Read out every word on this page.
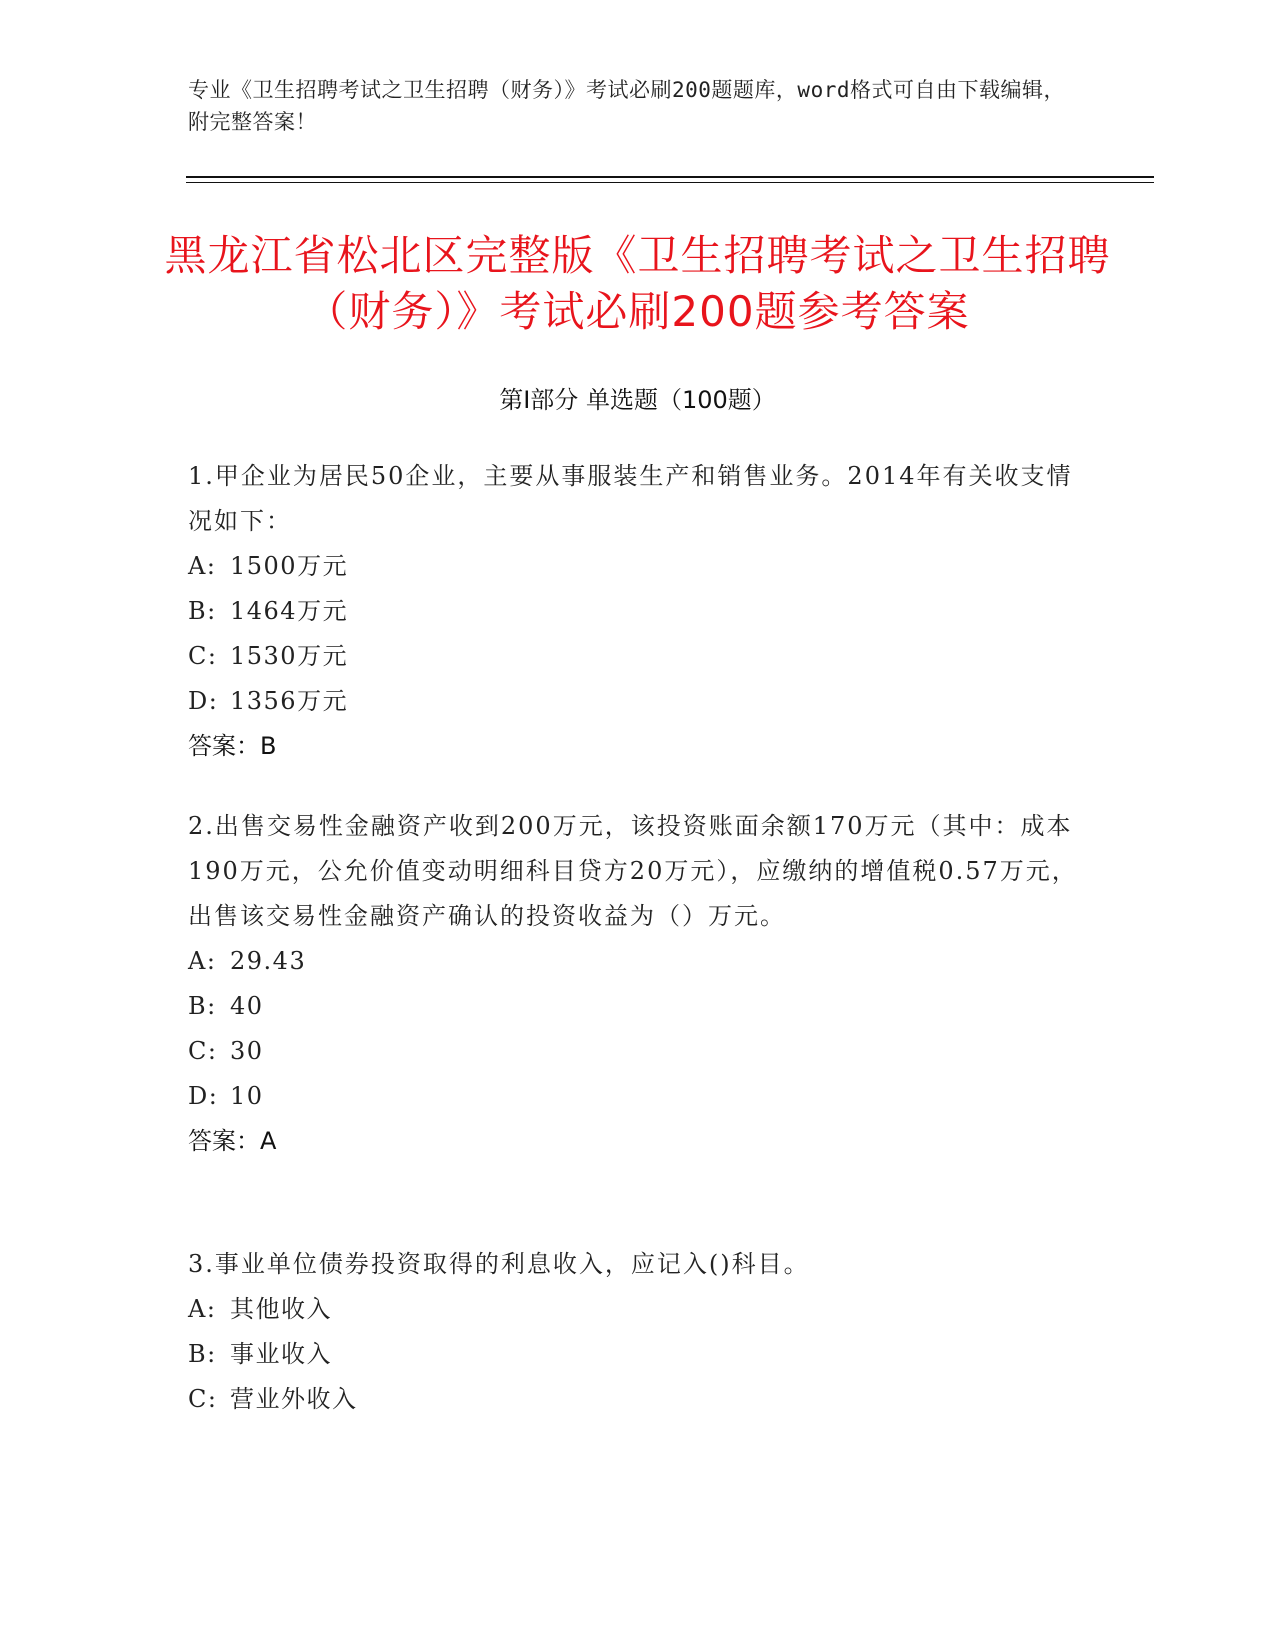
专业《卫生招聘考试之卫生招聘（财务）》考试必刷200题题库，word格式可自由下载编辑，附完整答案！
黑龙江省松北区完整版《卫生招聘考试之卫生招聘（财务）》考试必刷200题参考答案
第Ⅰ部分 单选题（100题）
1.甲企业为居民50企业，主要从事服装生产和销售业务。2014年有关收支情况如下：
A: 1500万元
B: 1464万元
C: 1530万元
D: 1356万元
答案：B
2.出售交易性金融资产收到200万元，该投资账面余额170万元（其中：成本190万元，公允价值变动明细科目贷方20万元），应缴纳的增值税0.57万元，出售该交易性金融资产确认的投资收益为（）万元。
A: 29.43
B: 40
C: 30
D: 10
答案：A
3.事业单位债券投资取得的利息收入，应记入()科目。
A: 其他收入
B: 事业收入
C: 营业外收入
